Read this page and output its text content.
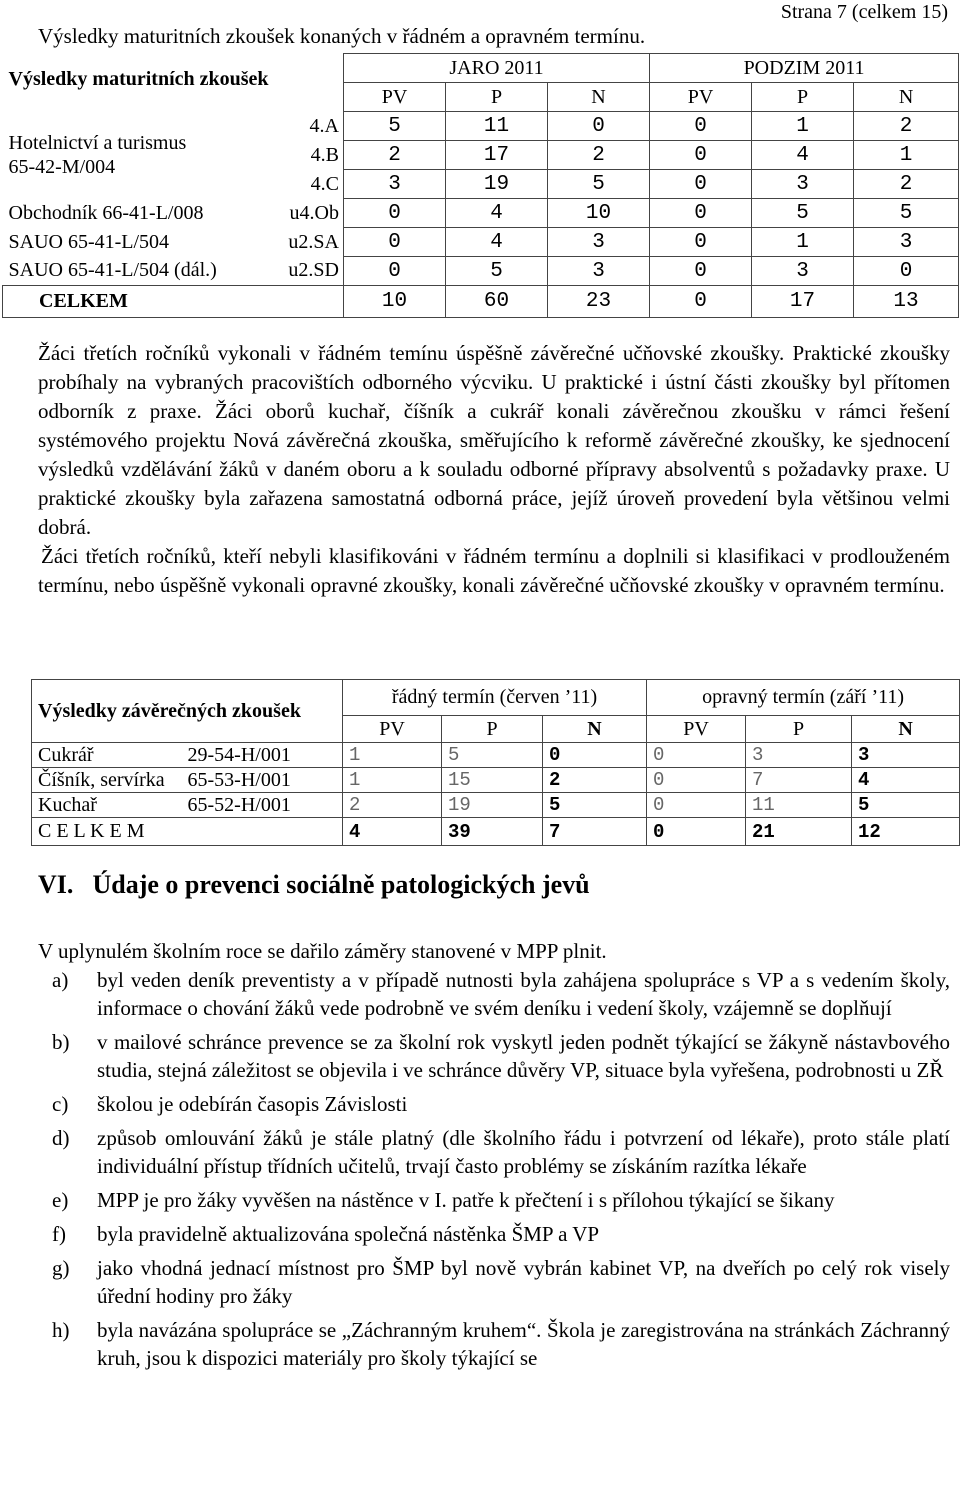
Strana 7 (celkem 15)
Výsledky maturitních zkoušek konaných v řádném a opravném termínu.
Výsledky maturitních zkoušek		JARO 2011			PODZIM 2011		
		PV	P	N	PV	P	N
Hotelnictví a turismus 65-42-M/004	4.A	5	11	0	0	1	2
	4.B	2	17	2	0	4	1
	4.C	3	19	5	0	3	2
Obchodník 66-41-L/008	u4.Ob	0	4	10	0	5	5
SAUO 65-41-L/504	u2.SA	0	4	3	0	1	3
SAUO 65-41-L/504 (dál.)	u2.SD	0	5	3	0	3	0
CELKEM		10	60	23	0	17	13

Žáci třetích ročníků vykonali v řádném temínu úspěšně závěrečné učňovské zkoušky. Praktické zkoušky probíhaly na vybraných pracovištích odborného výcviku. U praktické i ústní části zkoušky byl přítomen odborník z praxe. Žáci oborů kuchař, číšník a cukrář konali závěrečnou zkoušku v rámci řešení systémového projektu Nová závěrečná zkouška, směřujícího k reformě závěrečné zkoušky, ke sjednocení výsledků vzdělávání žáků v daném oboru a k souladu odborné přípravy absolventů s požadavky praxe. U praktické zkoušky byla zařazena samostatná odborná práce, jejíž úroveň provedení byla většinou velmi dobrá.

Žáci třetích ročníků, kteří nebyli klasifikováni v řádném termínu a doplnili si klasifikaci v prodlouženém termínu, nebo úspěšně vykonali opravné zkoušky, konali závěrečné učňovské zkoušky v opravném termínu.

Výsledky závěrečných zkoušek		řádný termín (červen ’11)			opravný termín (září ’11)		
		PV	P	N	PV	P	N
Cukrář	29-54-H/001	1	5	0	0	3	3
Číšník, servírka	65-53-H/001	1	15	2	0	7	4
Kuchař	65-52-H/001	2	19	5	0	11	5
C E L K E M		4	39	7	0	21	12
VI. Údaje o prevenci sociálně patologických jevů
V uplynulém školním roce se dařilo záměry stanovené v MPP plnit.
a)	byl veden deník preventisty a v případě nutnosti byla zahájena spolupráce s VP a s vedením školy, informace o chování žáků vede podrobně ve svém deníku i vedení školy, vzájemně se doplňují
b)	v mailové schránce prevence se za školní rok vyskytl jeden podnět týkající se žákyně nástavbového studia, stejná záležitost se objevila i ve schránce důvěry VP, situace byla vyřešena, podrobnosti u ZŘ
c)	školou je odebírán časopis Závislosti
d)	způsob omlouvání žáků je stále platný (dle školního řádu i potvrzení od lékaře), proto stále platí individuální přístup třídních učitelů, trvají často problémy se získáním razítka lékaře
e)	MPP je pro žáky vyvěšen na nástěnce v I. patře k přečtení i s přílohou týkající se šikany
f)	byla pravidelně aktualizována společná nástěnka ŠMP a VP
g)	jako vhodná jednací místnost pro ŠMP byl nově vybrán kabinet VP, na dveřích po celý rok visely úřední hodiny pro žáky
h)	byla navázána spolupráce se „Záchranným kruhem“. Škola je zaregistrována na stránkách Záchranný kruh, jsou k dispozici materiály pro školy týkající se
